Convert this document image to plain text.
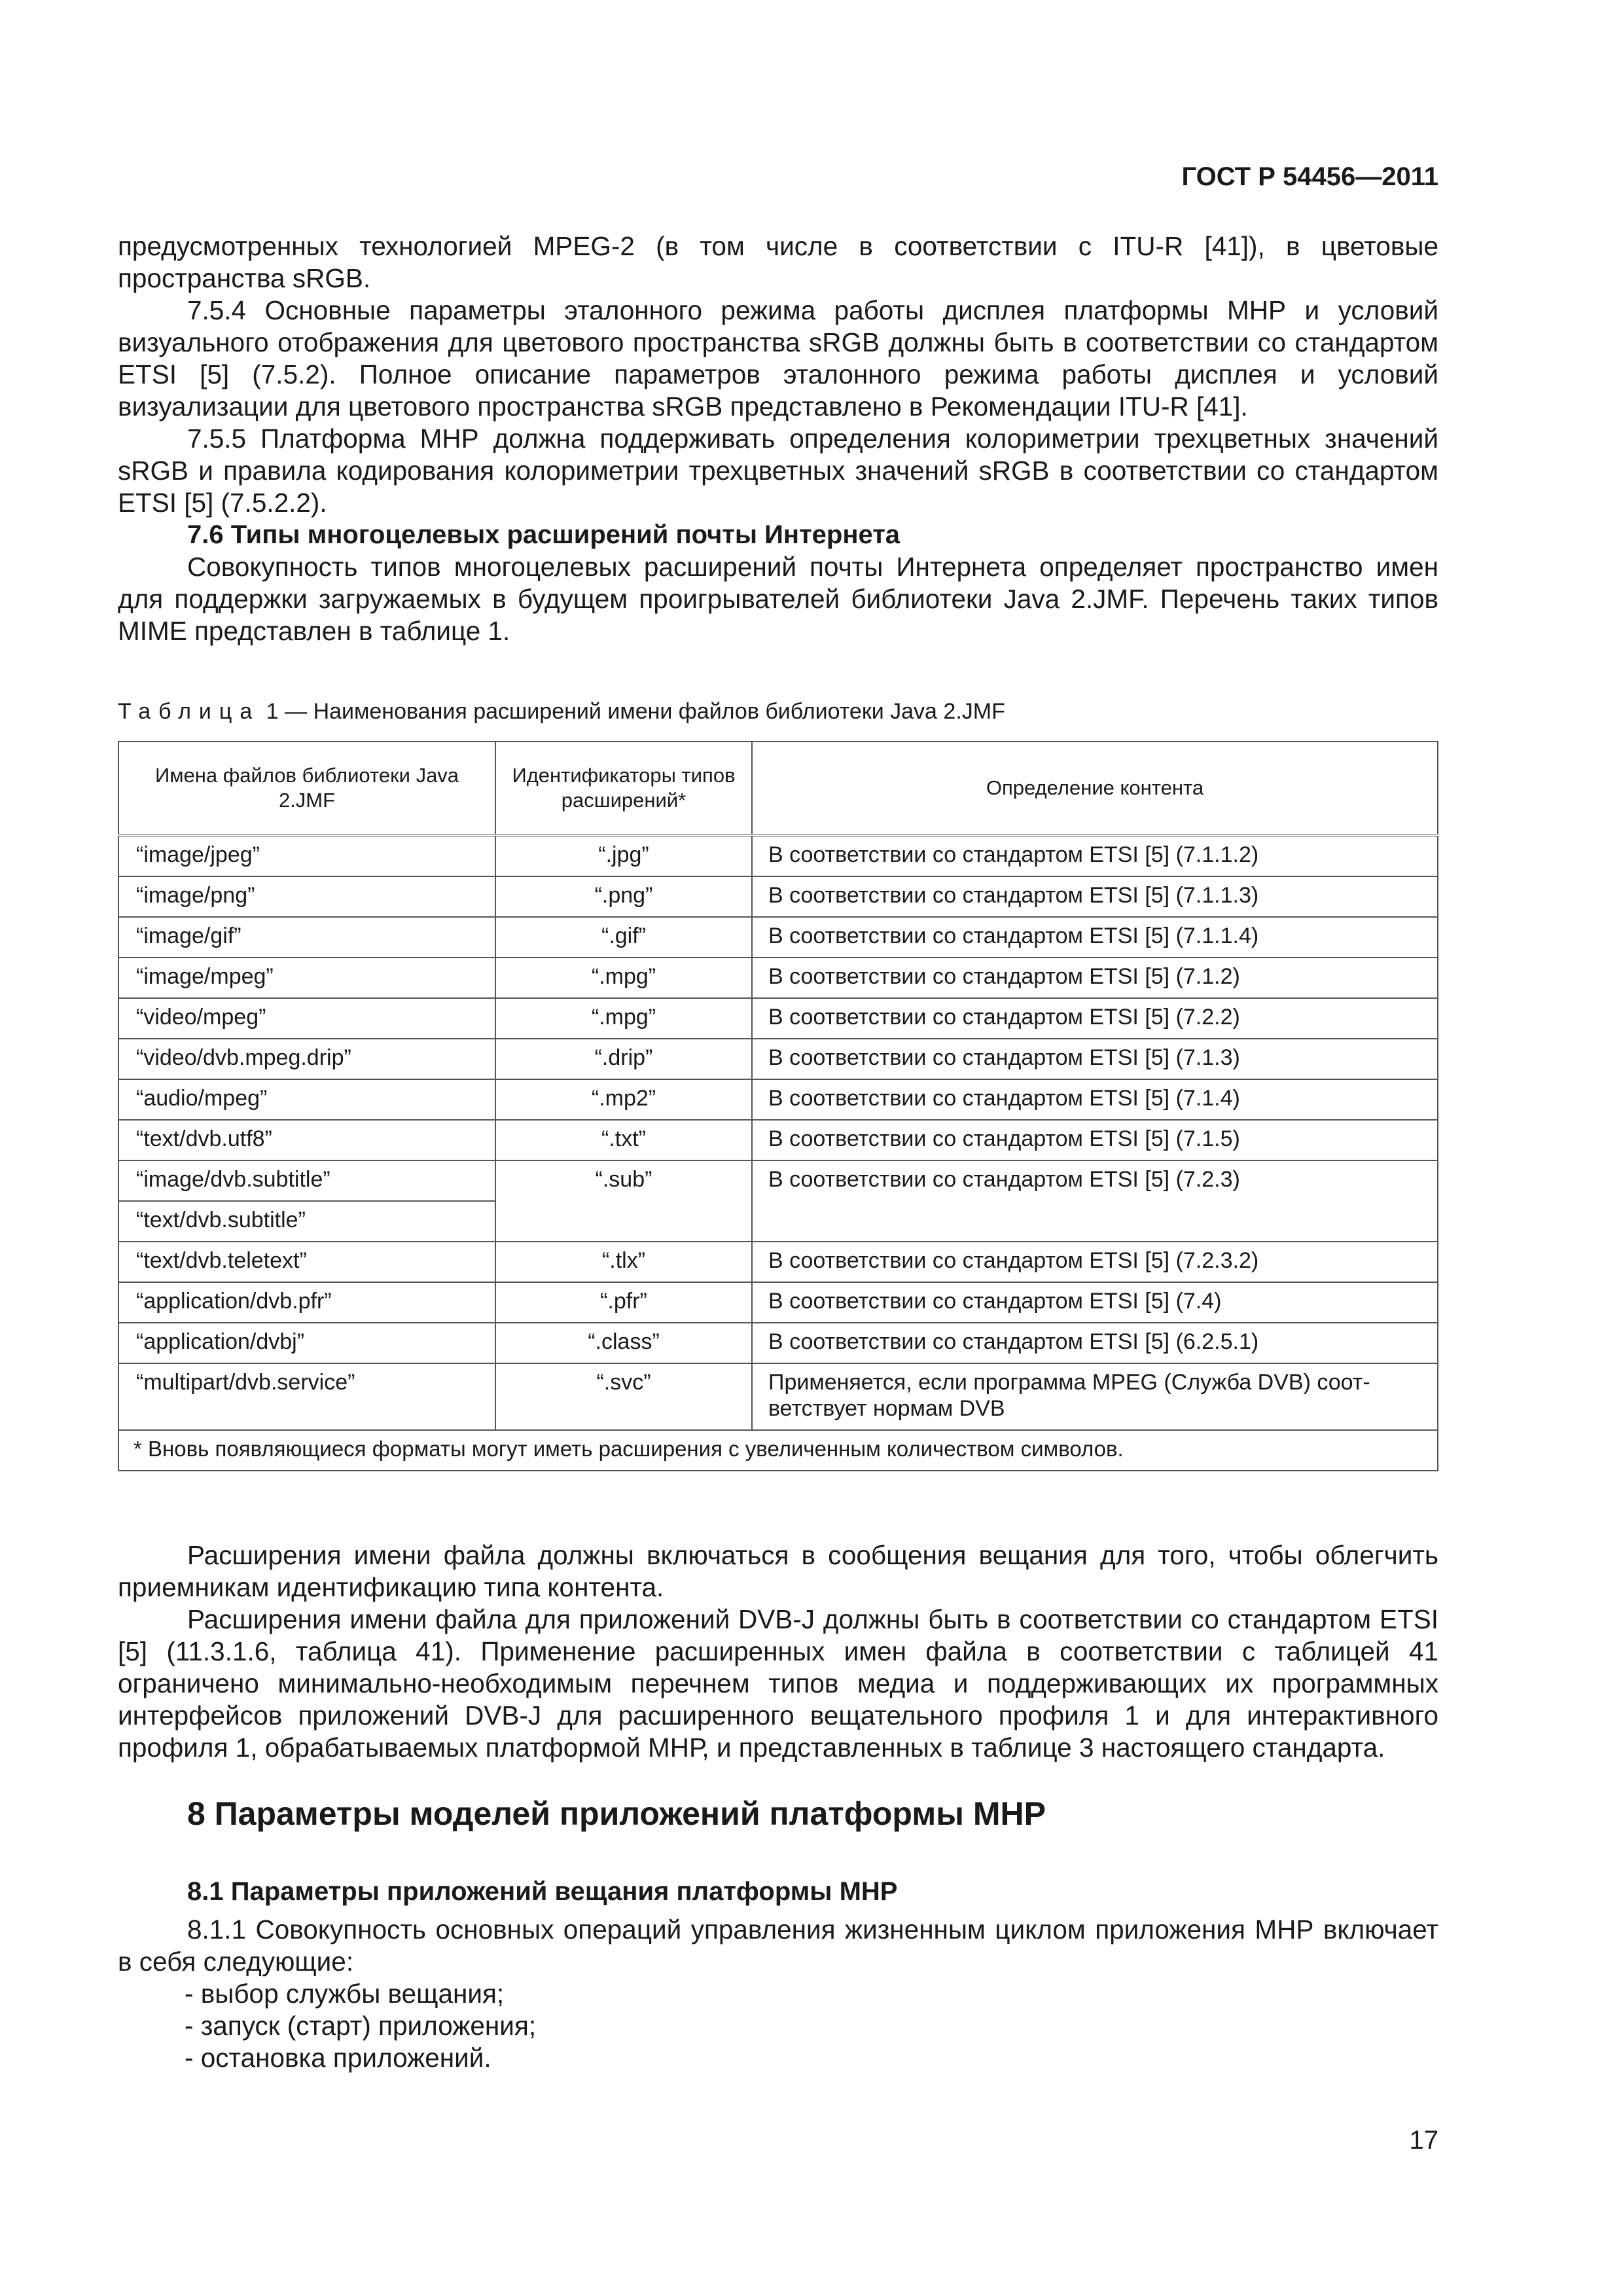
ГОСТ Р 54456—2011

предусмотренных технологией MPEG-2 (в том числе в соответствии с ITU-R [41]), в цветовые пространства sRGB.

7.5.4 Основные параметры эталонного режима работы дисплея платформы МНР и условий визуального отображения для цветового пространства sRGB должны быть в соответствии со стандартом ETSI [5] (7.5.2). Полное описание параметров эталонного режима работы дисплея и условий визуализации для цветового пространства sRGB представлено в Рекомендации ITU-R [41].

7.5.5 Платформа МНР должна поддерживать определения колориметрии трехцветных значений sRGB и правила кодирования колориметрии трехцветных значений sRGB в соответствии со стандартом ETSI [5] (7.5.2.2).

7.6 Типы многоцелевых расширений почты Интернета

Совокупность типов многоцелевых расширений почты Интернета определяет пространство имен для поддержки загружаемых в будущем проигрывателей библиотеки Java 2.JMF. Перечень таких типов MIME представлен в таблице 1.

Таблица 1 — Наименования расширений имени файлов библиотеки Java 2.JMF
Имена файлов библиотеки Java 2.JMF	Идентификаторы типов расширений*	Определение контента
“image/jpeg”	“.jpg”	В соответствии со стандартом ETSI [5] (7.1.1.2)
“image/png”	“.png”	В соответствии со стандартом ETSI [5] (7.1.1.3)
“image/gif”	“.gif”	В соответствии со стандартом ETSI [5] (7.1.1.4)
“image/mpeg”	“.mpg”	В соответствии со стандартом ETSI [5] (7.1.2)
“video/mpeg”	“.mpg”	В соответствии со стандартом ETSI [5] (7.2.2)
“video/dvb.mpeg.drip”	“.drip”	В соответствии со стандартом ETSI [5] (7.1.3)
“audio/mpeg”	“.mp2”	В соответствии со стандартом ETSI [5] (7.1.4)
“text/dvb.utf8”	“.txt”	В соответствии со стандартом ETSI [5] (7.1.5)
“image/dvb.subtitle”	“.sub”	В соответствии со стандартом ETSI [5] (7.2.3)
“text/dvb.subtitle”		
“text/dvb.teletext”	“.tlx”	В соответствии со стандартом ETSI [5] (7.2.3.2)
“application/dvb.pfr”	“.pfr”	В соответствии со стандартом ETSI [5] (7.4)
“application/dvbj”	“.class”	В соответствии со стандартом ETSI [5] (6.2.5.1)
“multipart/dvb.service”	“.svc”	Применяется, если программа MPEG (Служба DVB) соот-
ветствует нормам DVB

* Вновь появляющиеся форматы могут иметь расширения с увеличенным количеством символов.		

Расширения имени файла должны включаться в сообщения вещания для того, чтобы облегчить приемникам идентификацию типа контента.

Расширения имени файла для приложений DVB-J должны быть в соответствии со стандартом ETSI [5] (11.3.1.6, таблица 41). Применение расширенных имен файла в соответствии с таблицей 41 ограничено минимально-необходимым перечнем типов медиа и поддерживающих их программных интерфейсов приложений DVB-J для расширенного вещательного профиля 1 и для интерактивного профиля 1, обрабатываемых платформой МНР, и представленных в таблице 3 настоящего стандарта.

8 Параметры моделей приложений платформы МНР
8.1 Параметры приложений вещания платформы МНР

8.1.1 Совокупность основных операций управления жизненным циклом приложения МНР включает в себя следующие:

- выбор службы вещания;
- запуск (старт) приложения;
- остановка приложений.
17
